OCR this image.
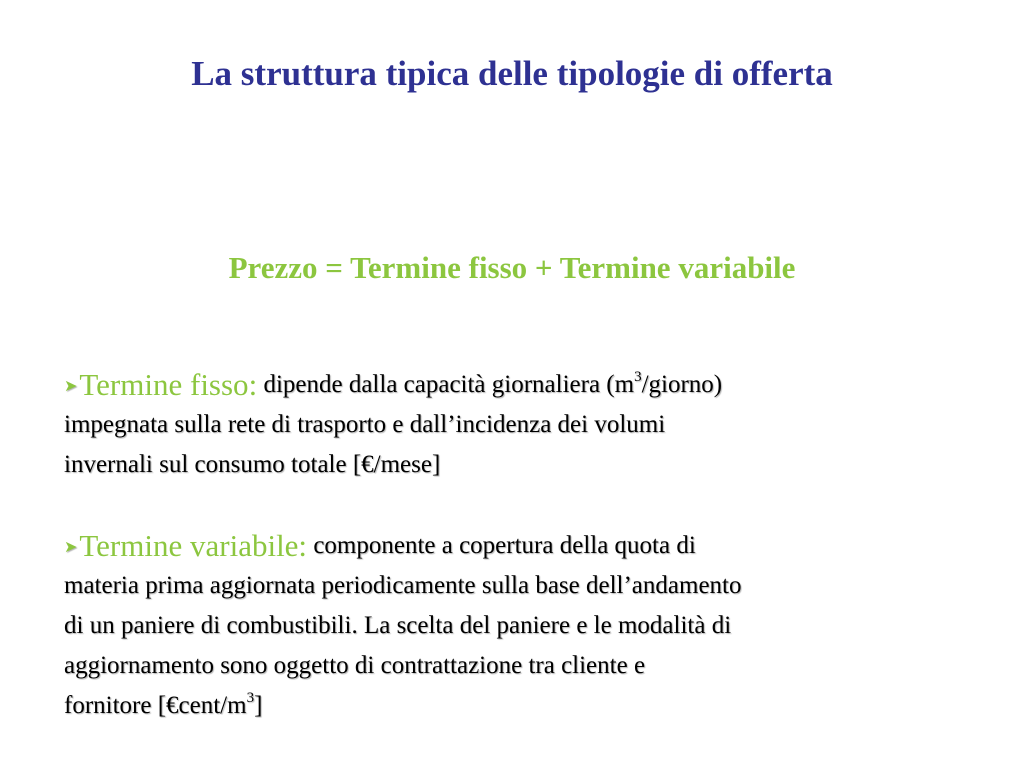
La struttura tipica delle tipologie di offerta
Prezzo = Termine fisso + Termine variabile
➤Termine fisso: dipende dalla capacità giornaliera $(m^3/giorno)$
impegnata sulla rete di trasporto e dall’incidenza dei volumi
invernali sul consumo totale [€/mese]
➤Termine variabile: componente a copertura della quota di
materia prima aggiornata periodicamente sulla base dell’andamento
di un paniere di combustibili. La scelta del paniere e le modalità di
aggiornamento sono oggetto di contrattazione tra cliente e
fornitore $[€cent/m^3]$
